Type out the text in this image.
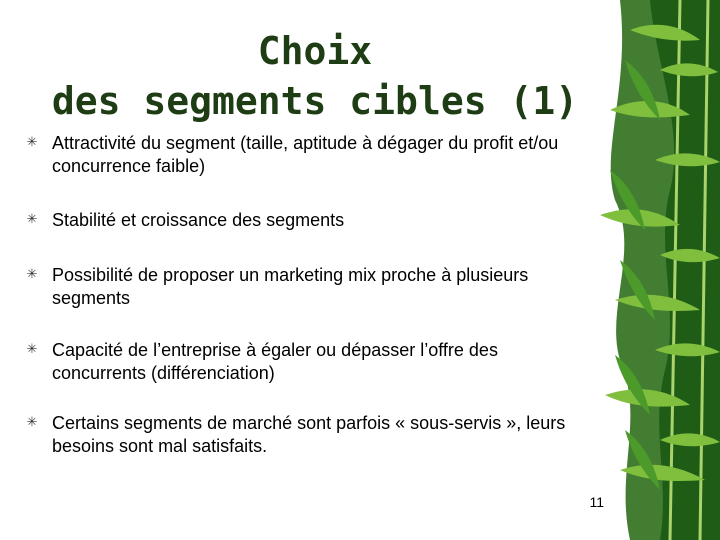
Choix
des segments cibles (1)
✳ Attractivité du segment (taille, aptitude à dégager du profit et/ou concurrence faible)
✳ Stabilité et croissance des segments
✳ Possibilité de proposer un marketing mix proche à plusieurs segments
✳ Capacité de l’entreprise à égaler ou dépasser l’offre des concurrents (différenciation)
✳ Certains segments de marché sont parfois « sous-servis », leurs besoins sont mal satisfaits.
11
